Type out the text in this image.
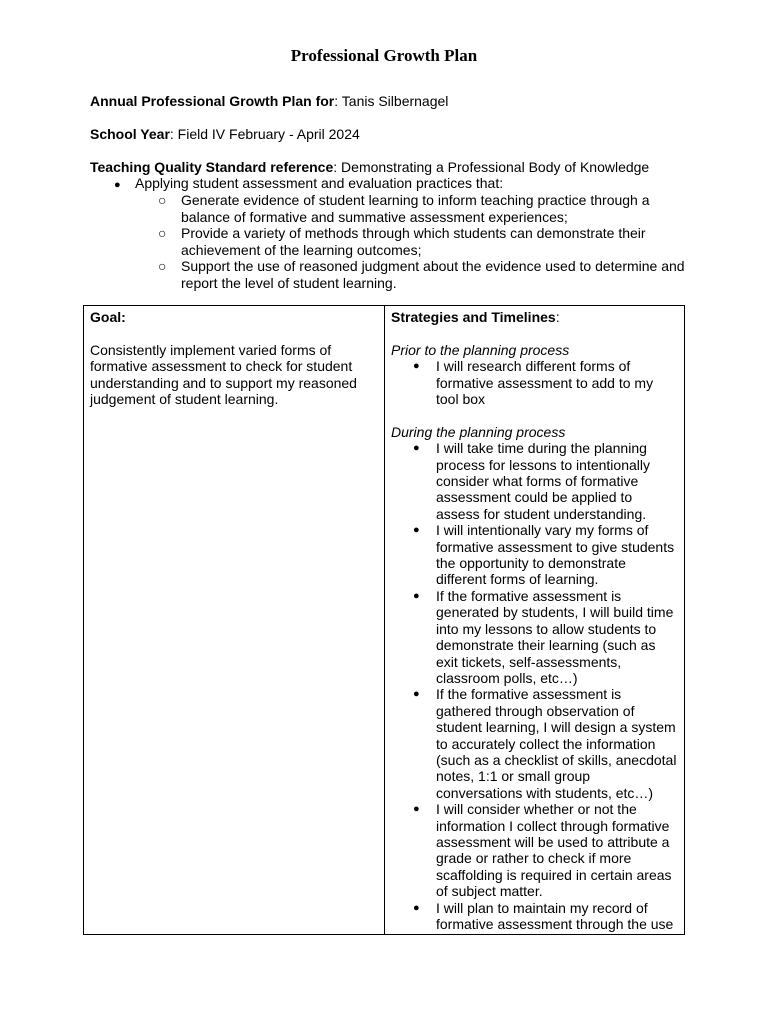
Professional Growth Plan
Annual Professional Growth Plan for: Tanis Silbernagel
School Year: Field IV February - April 2024
Teaching Quality Standard reference: Demonstrating a Professional Body of Knowledge
● Applying student assessment and evaluation practices that:
○ Generate evidence of student learning to inform teaching practice through a balance of formative and summative assessment experiences;
○ Provide a variety of methods through which students can demonstrate their achievement of the learning outcomes;
○ Support the use of reasoned judgment about the evidence used to determine and report the level of student learning.
Goal:
Consistently implement varied forms of formative assessment to check for student understanding and to support my reasoned judgement of student learning.

Strategies and Timelines:
Prior to the planning process
● I will research different forms of formative assessment to add to my tool box
During the planning process
● I will take time during the planning process for lessons to intentionally consider what forms of formative assessment could be applied to assess for student understanding.
● I will intentionally vary my forms of formative assessment to give students the opportunity to demonstrate different forms of learning.
● If the formative assessment is generated by students, I will build time into my lessons to allow students to demonstrate their learning (such as exit tickets, self-assessments, classroom polls, etc…)
● If the formative assessment is gathered through observation of student learning, I will design a system to accurately collect the information (such as a checklist of skills, anecdotal notes, 1:1 or small group conversations with students, etc…)
● I will consider whether or not the information I collect through formative assessment will be used to attribute a grade or rather to check if more scaffolding is required in certain areas of subject matter.
● I will plan to maintain my record of formative assessment through the use
